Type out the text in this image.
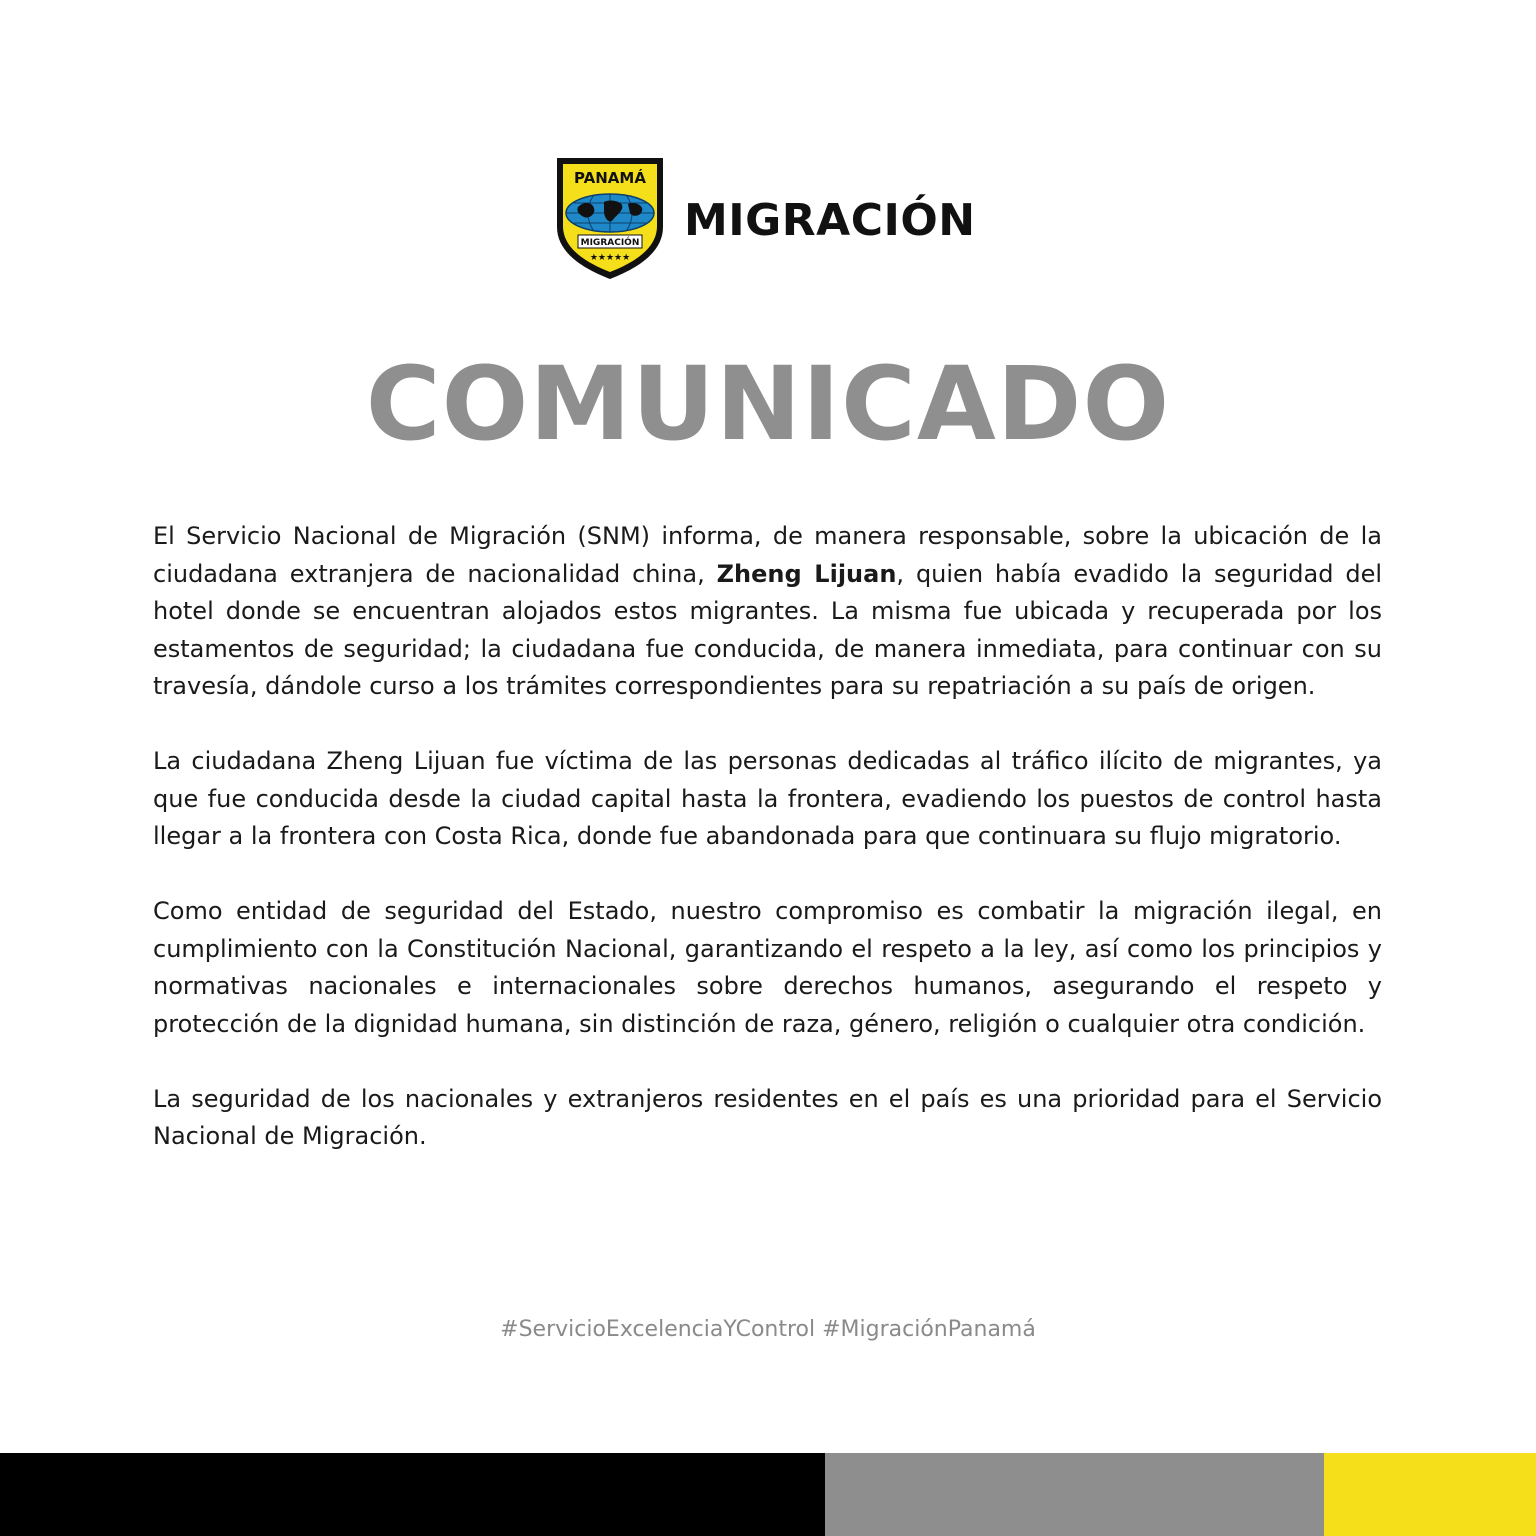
PANAMÁ
MIGRACIÓN
★★★★★
MIGRACIÓN
COMUNICADO

El Servicio Nacional de Migración (SNM) informa, de manera responsable, sobre la ubicación de la ciudadana extranjera de nacionalidad china, Zheng Lijuan, quien había evadido la seguridad del hotel donde se encuentran alojados estos migrantes. La misma fue ubicada y recuperada por los estamentos de seguridad; la ciudadana fue conducida, de manera inmediata, para continuar con su travesía, dándole curso a los trámites correspondientes para su repatriación a su país de origen.

La ciudadana Zheng Lijuan fue víctima de las personas dedicadas al tráfico ilícito de migrantes, ya que fue conducida desde la ciudad capital hasta la frontera, evadiendo los puestos de control hasta llegar a la frontera con Costa Rica, donde fue abandonada para que continuara su flujo migratorio.

Como entidad de seguridad del Estado, nuestro compromiso es combatir la migración ilegal, en cumplimiento con la Constitución Nacional, garantizando el respeto a la ley, así como los principios y normativas nacionales e internacionales sobre derechos humanos, asegurando el respeto y protección de la dignidad humana, sin distinción de raza, género, religión o cualquier otra condición.

La seguridad de los nacionales y extranjeros residentes en el país es una prioridad para el Servicio Nacional de Migración.

#ServicioExcelenciaYControl #MigraciónPanamá
